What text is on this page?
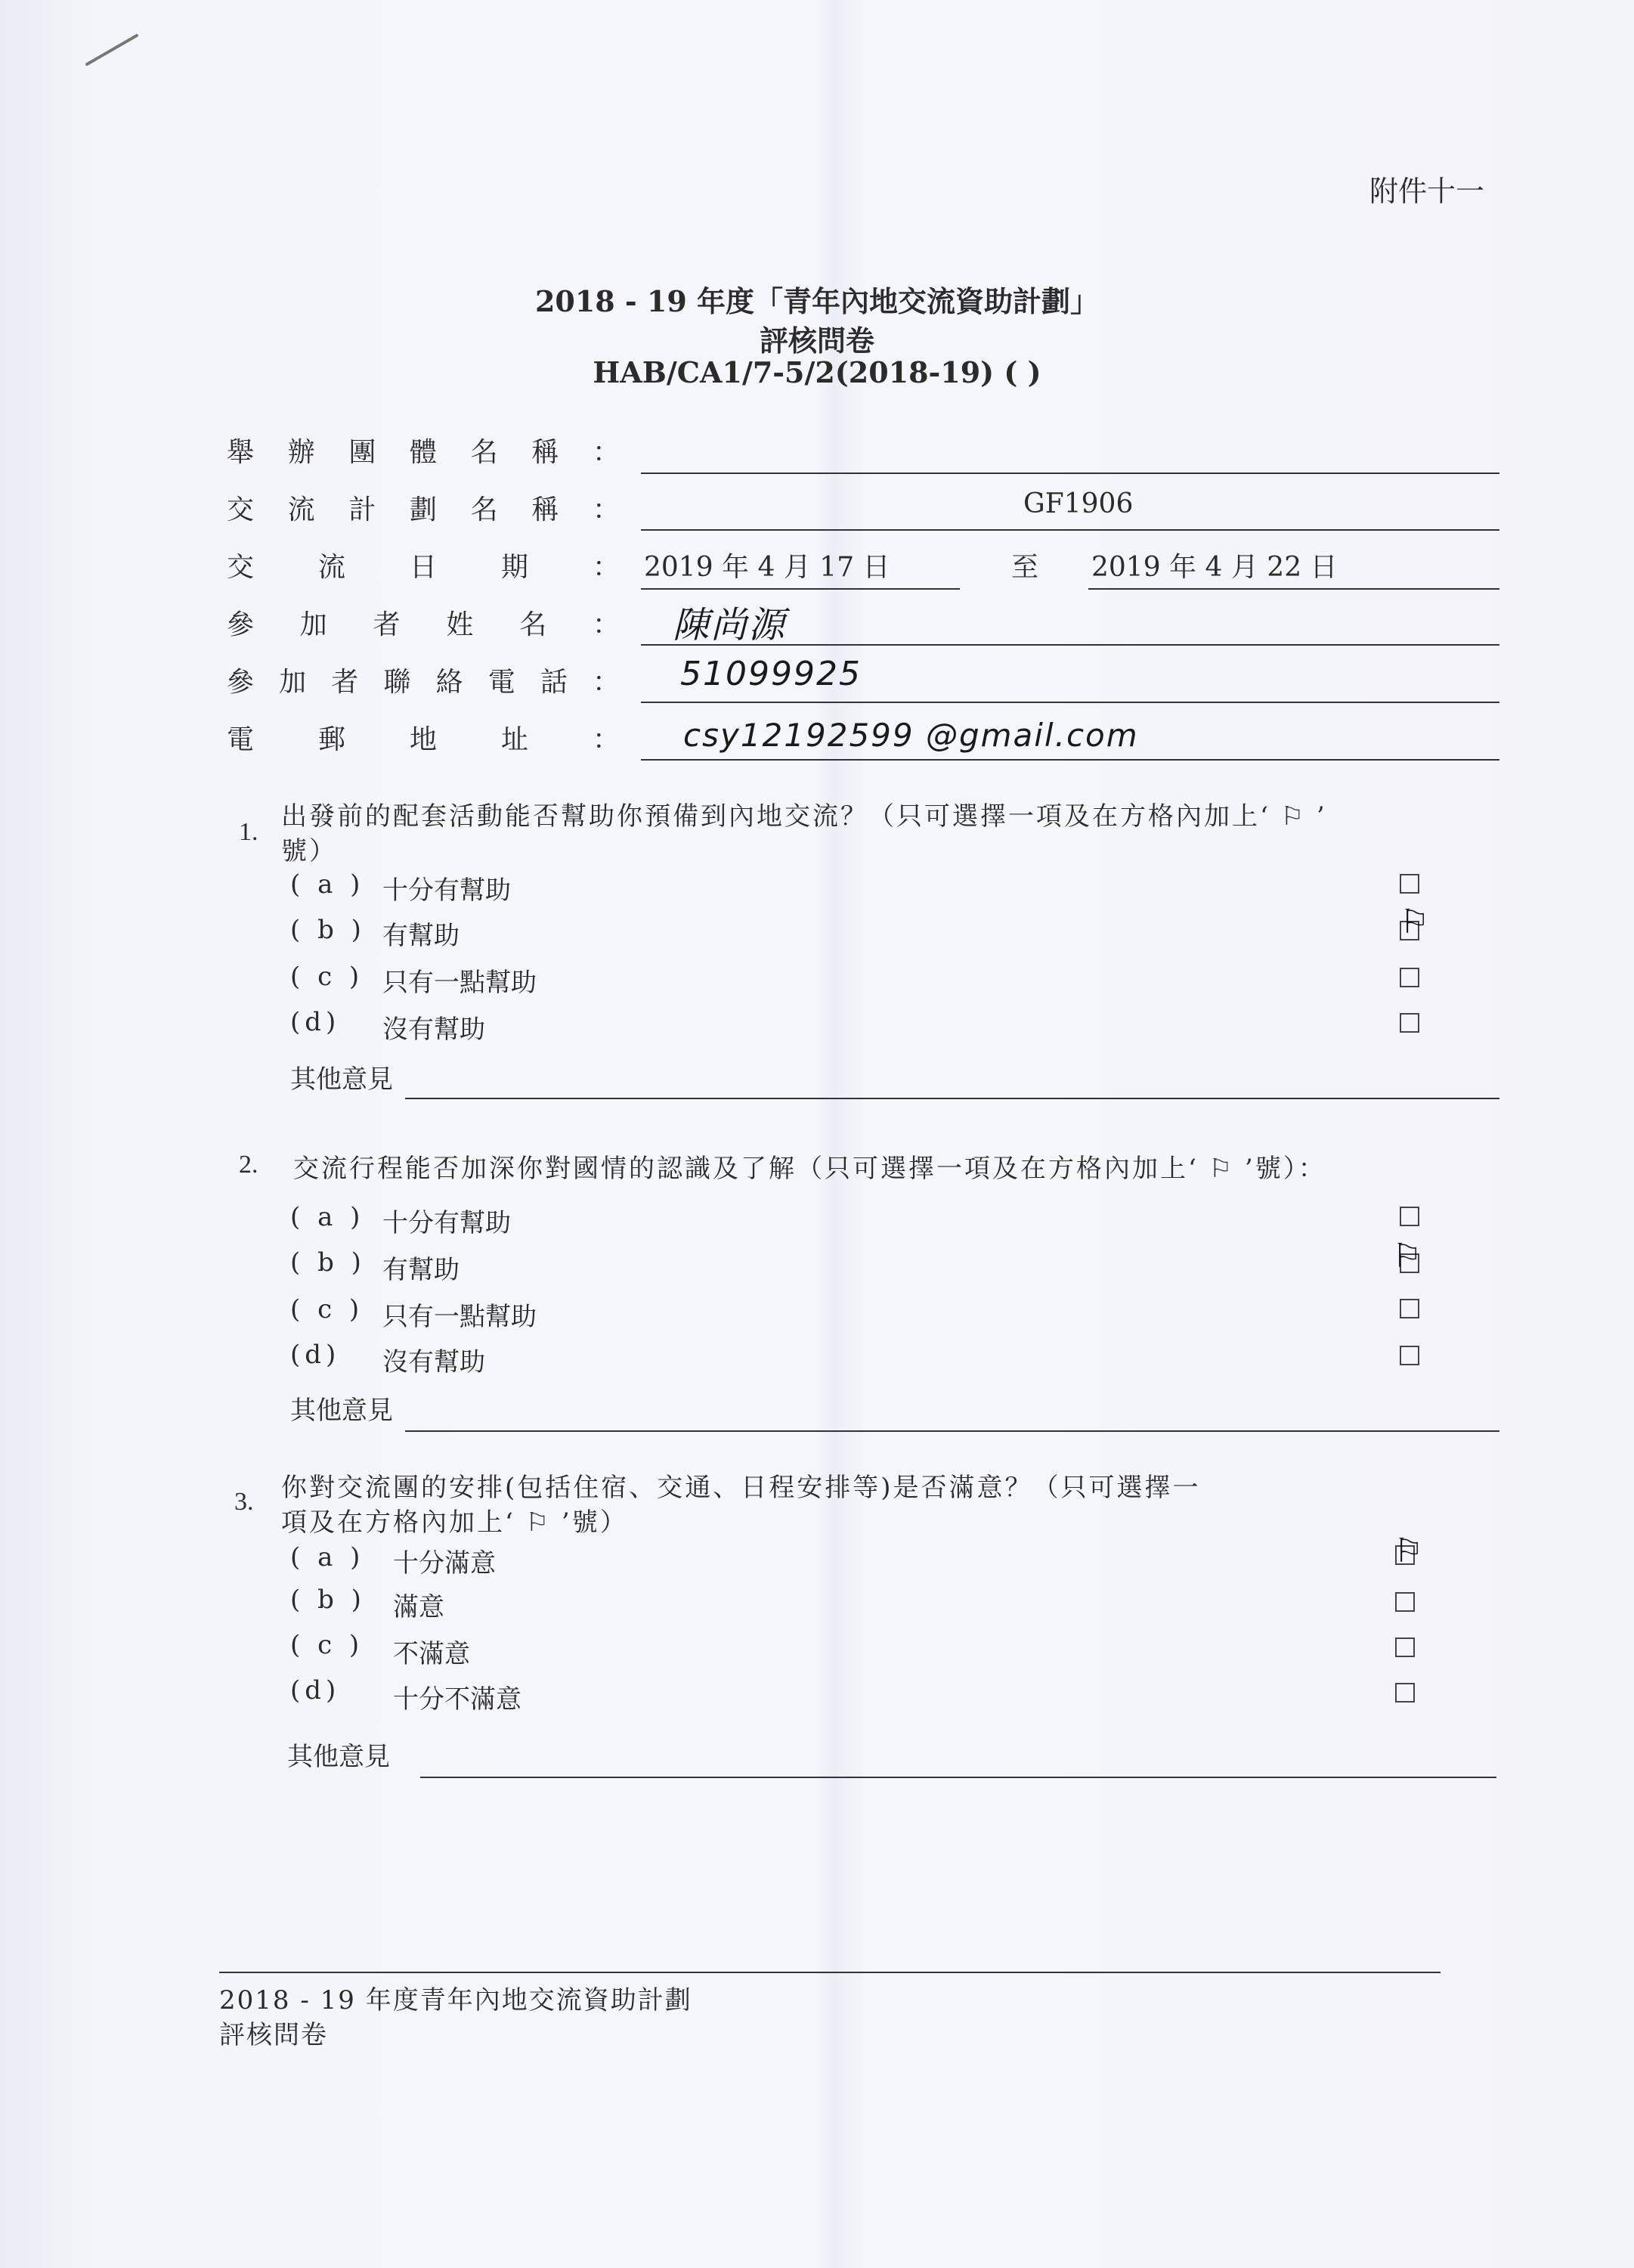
附件十一
2018 - 19 年度「青年內地交流資助計劃」
評核問卷
HAB/CA1/7-5/2(2018-19) ( )
舉 辦 團 體 名 稱 ：
交 流 計 劃 名 稱 ：	GF1906
交 流 日 期 ： 2019 年 4 月 17 日	至 2019 年 4 月 22 日
參 加 者 姓 名 ： 陳尚源
參 加 者 聯 絡 電 話 ： 51099925
電 郵 地 址 ： csy12192599 @gmail.com
1.
出發前的配套活動能否幫助你預備到內地交流？（只可選擇一項及在方格內加上‘ ⚐ ’
號）
( a ) 十分有幫助
( b ) 有幫助	⚐
( c ) 只有一點幫助
(d) 沒有幫助
其他意見
2. 交流行程能否加深你對國情的認識及了解（只可選擇一項及在方格內加上‘ ⚐ ’號）：
( a ) 十分有幫助
( b ) 有幫助	⚐
( c ) 只有一點幫助
(d) 沒有幫助
其他意見
3. 你對交流團的安排(包括住宿、交通、日程安排等)是否滿意？（只可選擇一
項及在方格內加上‘ ⚐ ’號）
( a ) 十分滿意	⚐
( b ) 滿意
( c ) 不滿意
(d) 十分不滿意
其他意見
2018 - 19 年度青年內地交流資助計劃
評核問卷
